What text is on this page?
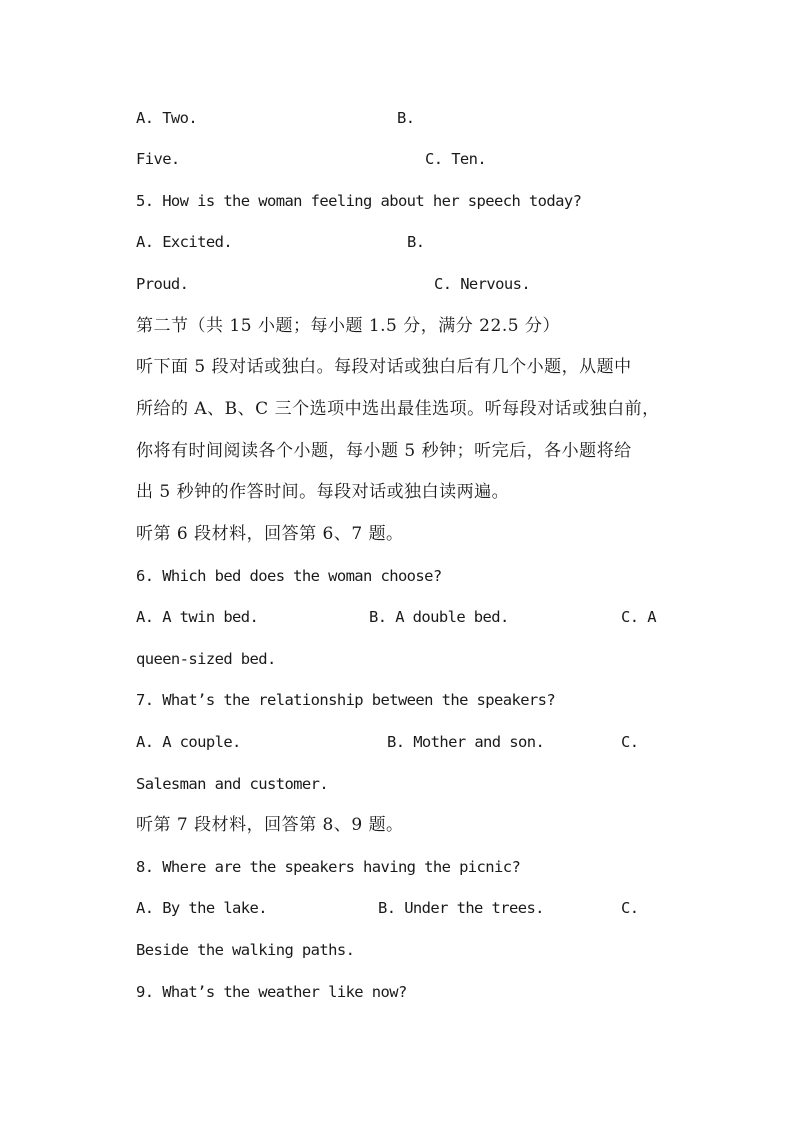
A. Two.	B.
Five.	C. Ten.
5. How is the woman feeling about her speech today?
A. Excited.	B.
Proud.	C. Nervous.
第二节（共 15 小题；每小题 1.5 分，满分 22.5 分）
听下面 5 段对话或独白。每段对话或独白后有几个小题，从题中
所给的 A、B、C 三个选项中选出最佳选项。听每段对话或独白前，
你将有时间阅读各个小题，每小题 5 秒钟；听完后，各小题将给
出 5 秒钟的作答时间。每段对话或独白读两遍。
听第 6 段材料，回答第 6、7 题。
6. Which bed does the woman choose?
A. A twin bed.	B. A double bed.	C. A
queen-sized bed.
7. What’s the relationship between the speakers?
A. A couple.	B. Mother and son.	C.
Salesman and customer.
听第 7 段材料，回答第 8、9 题。
8. Where are the speakers having the picnic?
A. By the lake.	B. Under the trees.	C.
Beside the walking paths.
9. What’s the weather like now?
